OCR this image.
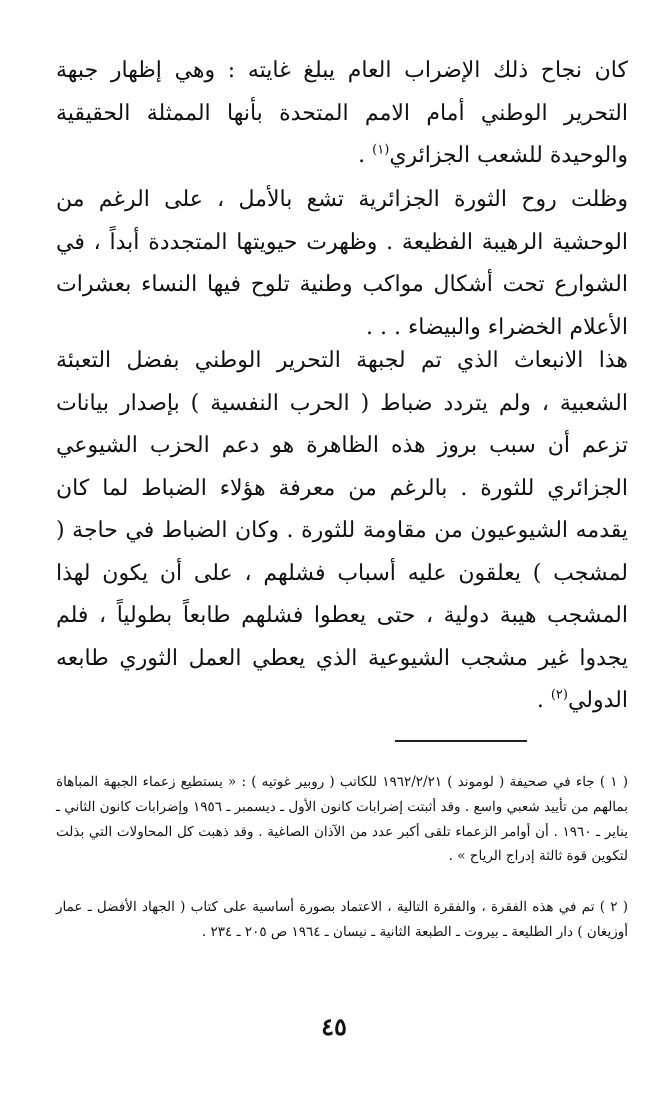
كان نجاح ذلك الإضراب العام يبلغ غايته : وهي إظهار جبهة التحرير الوطني أمام الامم المتحدة بأنها الممثلة الحقيقية والوحيدة للشعب الجزائري$^{(١)}$ .

وظلت روح الثورة الجزائرية تشع بالأمل ، على الرغم من الوحشية الرهيبة الفظيعة . وظهرت حيويتها المتجددة أبداً ، في الشوارع تحت أشكال مواكب وطنية تلوح فيها النساء بعشرات الأعلام الخضراء والبيضاء . . .

هذا الانبعاث الذي تم لجبهة التحرير الوطني بفضل التعبئة الشعبية ، ولم يتردد ضباط ( الحرب النفسية ) بإصدار بيانات تزعم أن سبب بروز هذه الظاهرة هو دعم الحزب الشيوعي الجزائري للثورة . بالرغم من معرفة هؤلاء الضباط لما كان يقدمه الشيوعيون من مقاومة للثورة . وكان الضباط في حاجة ( لمشجب ) يعلقون عليه أسباب فشلهم ، على أن يكون لهذا المشجب هيبة دولية ، حتى يعطوا فشلهم طابعاً بطولياً ، فلم يجدوا غير مشجب الشيوعية الذي يعطي العمل الثوري طابعه الدولي$^{(٢)}$ .

( ١ ) جاء في صحيفة ( لوموند ) ١٩٦٢/٢/٢١ للكاتب ( روبير غوتيه ) : « يستطيع زعماء الجبهة المباهاة بمالهم من تأييد شعبي واسع . وقد أثبتت إضرابات كانون الأول ـ ديسمبر ـ ١٩٥٦ وإضرابات كانون الثاني ـ يناير ـ ١٩٦٠ . أن أوامر الزعماء تلقى أكبر عدد من الآذان الصاغية . وقد ذهبت كل المحاولات التي بذلت لتكوين قوة ثالثة إدراج الرياح » .

( ٢ ) تم في هذه الفقرة ، والفقرة التالية ، الاعتماد بصورة أساسية على كتاب ( الجهاد الأفضل ـ عمار أوزيغان ) دار الطليعة ـ بيروت ـ الطبعة الثانية ـ نيسان ـ ١٩٦٤ ص ٢٠٥ ـ ٢٣٤ .

٤٥
